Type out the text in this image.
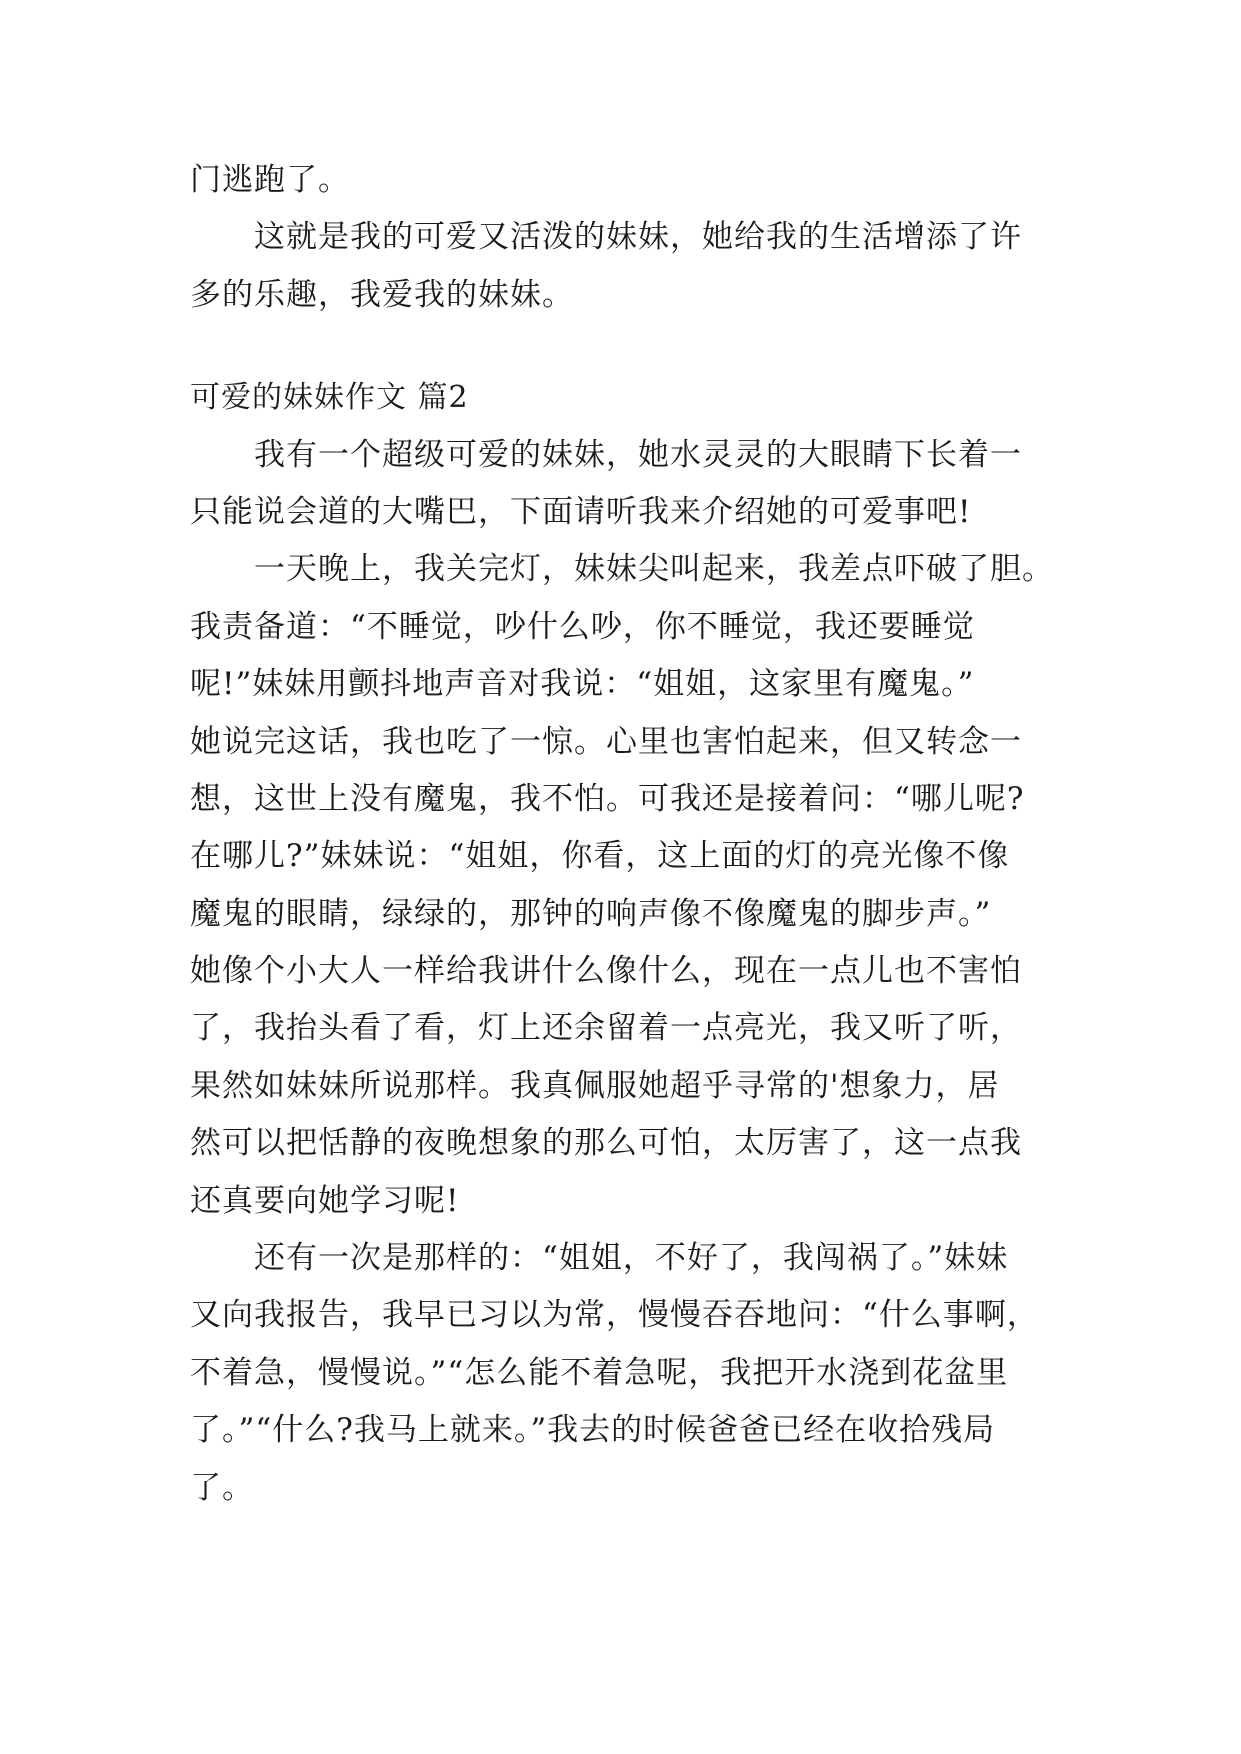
门逃跑了。
这就是我的可爱又活泼的妹妹，她给我的生活增添了许
多的乐趣，我爱我的妹妹。
可爱的妹妹作文 篇2
我有一个超级可爱的妹妹，她水灵灵的大眼睛下长着一
只能说会道的大嘴巴，下面请听我来介绍她的可爱事吧!
一天晚上，我关完灯，妹妹尖叫起来，我差点吓破了胆。
我责备道：“不睡觉，吵什么吵，你不睡觉，我还要睡觉
呢!”妹妹用颤抖地声音对我说：“姐姐，这家里有魔鬼。”
她说完这话，我也吃了一惊。心里也害怕起来，但又转念一
想，这世上没有魔鬼，我不怕。可我还是接着问：“哪儿呢?
在哪儿?”妹妹说：“姐姐，你看，这上面的灯的亮光像不像
魔鬼的眼睛，绿绿的，那钟的响声像不像魔鬼的脚步声。”
她像个小大人一样给我讲什么像什么，现在一点儿也不害怕
了，我抬头看了看，灯上还余留着一点亮光，我又听了听，
果然如妹妹所说那样。我真佩服她超乎寻常的'想象力，居
然可以把恬静的夜晚想象的那么可怕，太厉害了，这一点我
还真要向她学习呢!
还有一次是那样的：“姐姐，不好了，我闯祸了。”妹妹
又向我报告，我早已习以为常，慢慢吞吞地问：“什么事啊，
不着急，慢慢说。”“怎么能不着急呢，我把开水浇到花盆里
了。”“什么?我马上就来。”我去的时候爸爸已经在收拾残局
了。
